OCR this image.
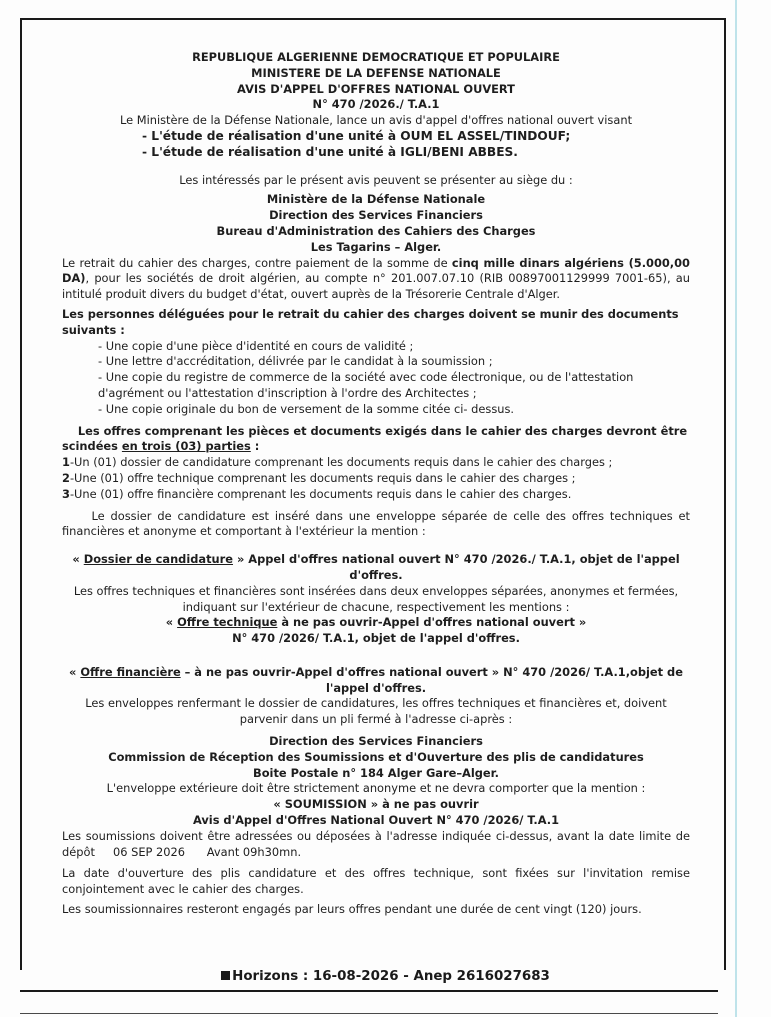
REPUBLIQUE ALGERIENNE DEMOCRATIQUE ET POPULAIRE

MINISTERE DE LA DEFENSE NATIONALE

AVIS D'APPEL D'OFFRES NATIONAL OUVERT

N° 470 /2026./ T.A.1

Le Ministère de la Défense Nationale, lance un avis d'appel d'offres national ouvert visant

- L'étude de réalisation d'une unité à OUM EL ASSEL/TINDOUF;

- L'étude de réalisation d'une unité à IGLI/BENI ABBES.

Les intéressés par le présent avis peuvent se présenter au siège du :

Ministère de la Défense Nationale

Direction des Services Financiers

Bureau d'Administration des Cahiers des Charges

Les Tagarins – Alger.

Le retrait du cahier des charges, contre paiement de la somme de cinq mille dinars algériens (5.000,00 DA), pour les sociétés de droit algérien, au compte n° 201.007.07.10 (RIB 00897001129999 7001-65), au intitulé produit divers du budget d'état, ouvert auprès de la Trésorerie Centrale d'Alger.

Les personnes déléguées pour le retrait du cahier des charges doivent se munir des documents suivants :

- Une copie d'une pièce d'identité en cours de validité ;

- Une lettre d'accréditation, délivrée par le candidat à la soumission ;

- Une copie du registre de commerce de la société avec code électronique, ou de l'attestation d'agrément ou l'attestation d'inscription à l'ordre des Architectes ;

- Une copie originale du bon de versement de la somme citée ci- dessus.

Les offres comprenant les pièces et documents exigés dans le cahier des charges devront être scindées en trois (03) parties :

1-Un (01) dossier de candidature comprenant les documents requis dans le cahier des charges ;

2-Une (01) offre technique comprenant les documents requis dans le cahier des charges ;

3-Une (01) offre financière comprenant les documents requis dans le cahier des charges.

Le dossier de candidature est inséré dans une enveloppe séparée de celle des offres techniques et financières et anonyme et comportant à l'extérieur la mention :

« Dossier de candidature » Appel d'offres national ouvert N° 470 /2026./ T.A.1, objet de l'appel d'offres.

Les offres techniques et financières sont insérées dans deux enveloppes séparées, anonymes et fermées, indiquant sur l'extérieur de chacune, respectivement les mentions :

« Offre technique à ne pas ouvrir-Appel d'offres national ouvert »

N° 470 /2026/ T.A.1, objet de l'appel d'offres.

« Offre financière – à ne pas ouvrir-Appel d'offres national ouvert » N° 470 /2026/ T.A.1,objet de l'appel d'offres.

Les enveloppes renfermant le dossier de candidatures, les offres techniques et financières et, doivent parvenir dans un pli fermé à l'adresse ci-après :

Direction des Services Financiers

Commission de Réception des Soumissions et d'Ouverture des plis de candidatures

Boite Postale n° 184 Alger Gare–Alger.

L'enveloppe extérieure doit être strictement anonyme et ne devra comporter que la mention :

« SOUMISSION » à ne pas ouvrir

Avis d'Appel d'Offres National Ouvert N° 470 /2026/ T.A.1

Les soumissions doivent être adressées ou déposées à l'adresse indiquée ci-dessus, avant la date limite de dépôt 06 SEP 2026 Avant 09h30mn.

La date d'ouverture des plis candidature et des offres technique, sont fixées sur l'invitation remise conjointement avec le cahier des charges.

Les soumissionnaires resteront engagés par leurs offres pendant une durée de cent vingt (120) jours.

Horizons : 16-08-2026 - Anep 2616027683
